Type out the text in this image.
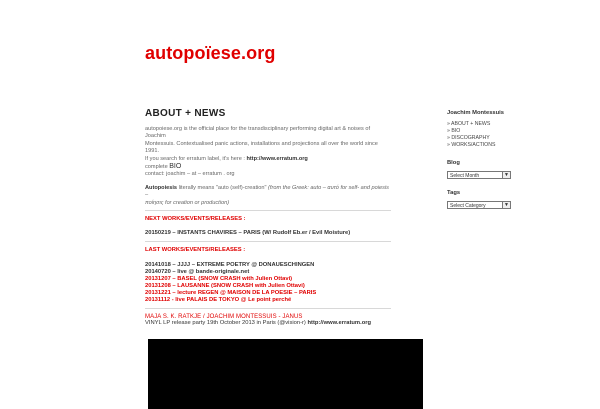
autopoïese.org
ABOUT + NEWS

autopoiese.org is the official place for the transdisciplinary performing digital art & noises of Joachim

Montessuis. Contextualised panic actions, installations and projections all over the world since 1991.

If you search for erratum label, it's here : http://www.erratum.org

complete BIO

contact: joachim – at – erratum . org

Autopoiesis literally means "auto (self)-creation" (from the Greek: auto – αυτό for self- and poiesis –

ποίησις for creation or production)

NEXT WORKS/EVENTS/RELEASES :

20150219 – INSTANTS CHAVIRES – PARIS (W/ Rudolf Eb.er / Evil Moisture)

LAST WORKS/EVENTS/RELEASES :

20141018 – JJJJ – EXTREME POETRY @ DONAUESCHINGEN

20140720 – live @ bande-originale.net

20131207 – BASEL (SNOW CRASH with Julien Ottavi)

20131208 – LAUSANNE (SNOW CRASH with Julien Ottavi)

20131221 – lecture REGEN @ MAISON DE LA POESIE – PARIS

20131112 - live PALAIS DE TOKYO @ Le point perché

MAJA S. K. RATKJE / JOACHIM MONTESSUIS - JANUS

VINYL LP release party 19th October 2013 in Paris (@vision-r) http://www.erratum.org

Joachim Montessuis

» ABOUT + NEWS

» BIO

» DISCOGRAPHY

» WORKS/ACTIONS

Blog

Select Month	▼

Tags

Select Category	▼
